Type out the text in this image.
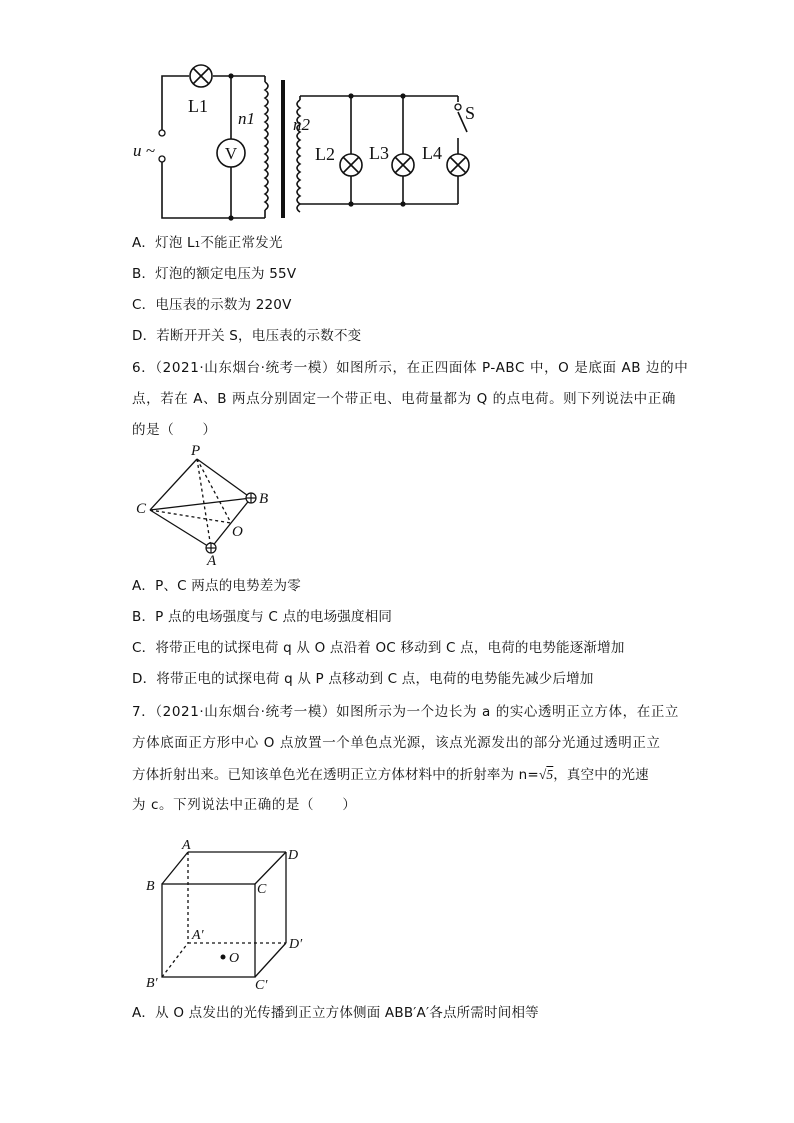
V
u ~
L1
n1 n2
L2 L3 L4
S
A．灯泡 L₁不能正常发光
B．灯泡的额定电压为 55V
C．电压表的示数为 220V
D．若断开开关 S，电压表的示数不变
6．（2021·山东烟台·统考一模）如图所示，在正四面体 P-ABC 中，O 是底面 AB 边的中
点，若在 A、B 两点分别固定一个带正电、电荷量都为 Q 的点电荷。则下列说法中正确
的是（　　）
P
B
C
O
A
A．P、C 两点的电势差为零
B．P 点的电场强度与 C 点的电场强度相同
C．将带正电的试探电荷 q 从 O 点沿着 OC 移动到 C 点，电荷的电势能逐渐增加
D．将带正电的试探电荷 q 从 P 点移动到 C 点，电荷的电势能先减少后增加
7．（2021·山东烟台·统考一模）如图所示为一个边长为 a 的实心透明正立方体，在正立
方体底面正方形中心 O 点放置一个单色点光源，该点光源发出的部分光通过透明正立
方体折射出来。已知该单色光在透明正立方体材料中的折射率为 n=√5，真空中的光速
为 c。下列说法中正确的是（　　）
A
D
B	C
A′
D′
B′	C′
O
A．从 O 点发出的光传播到正立方体侧面 ABB′A′各点所需时间相等
